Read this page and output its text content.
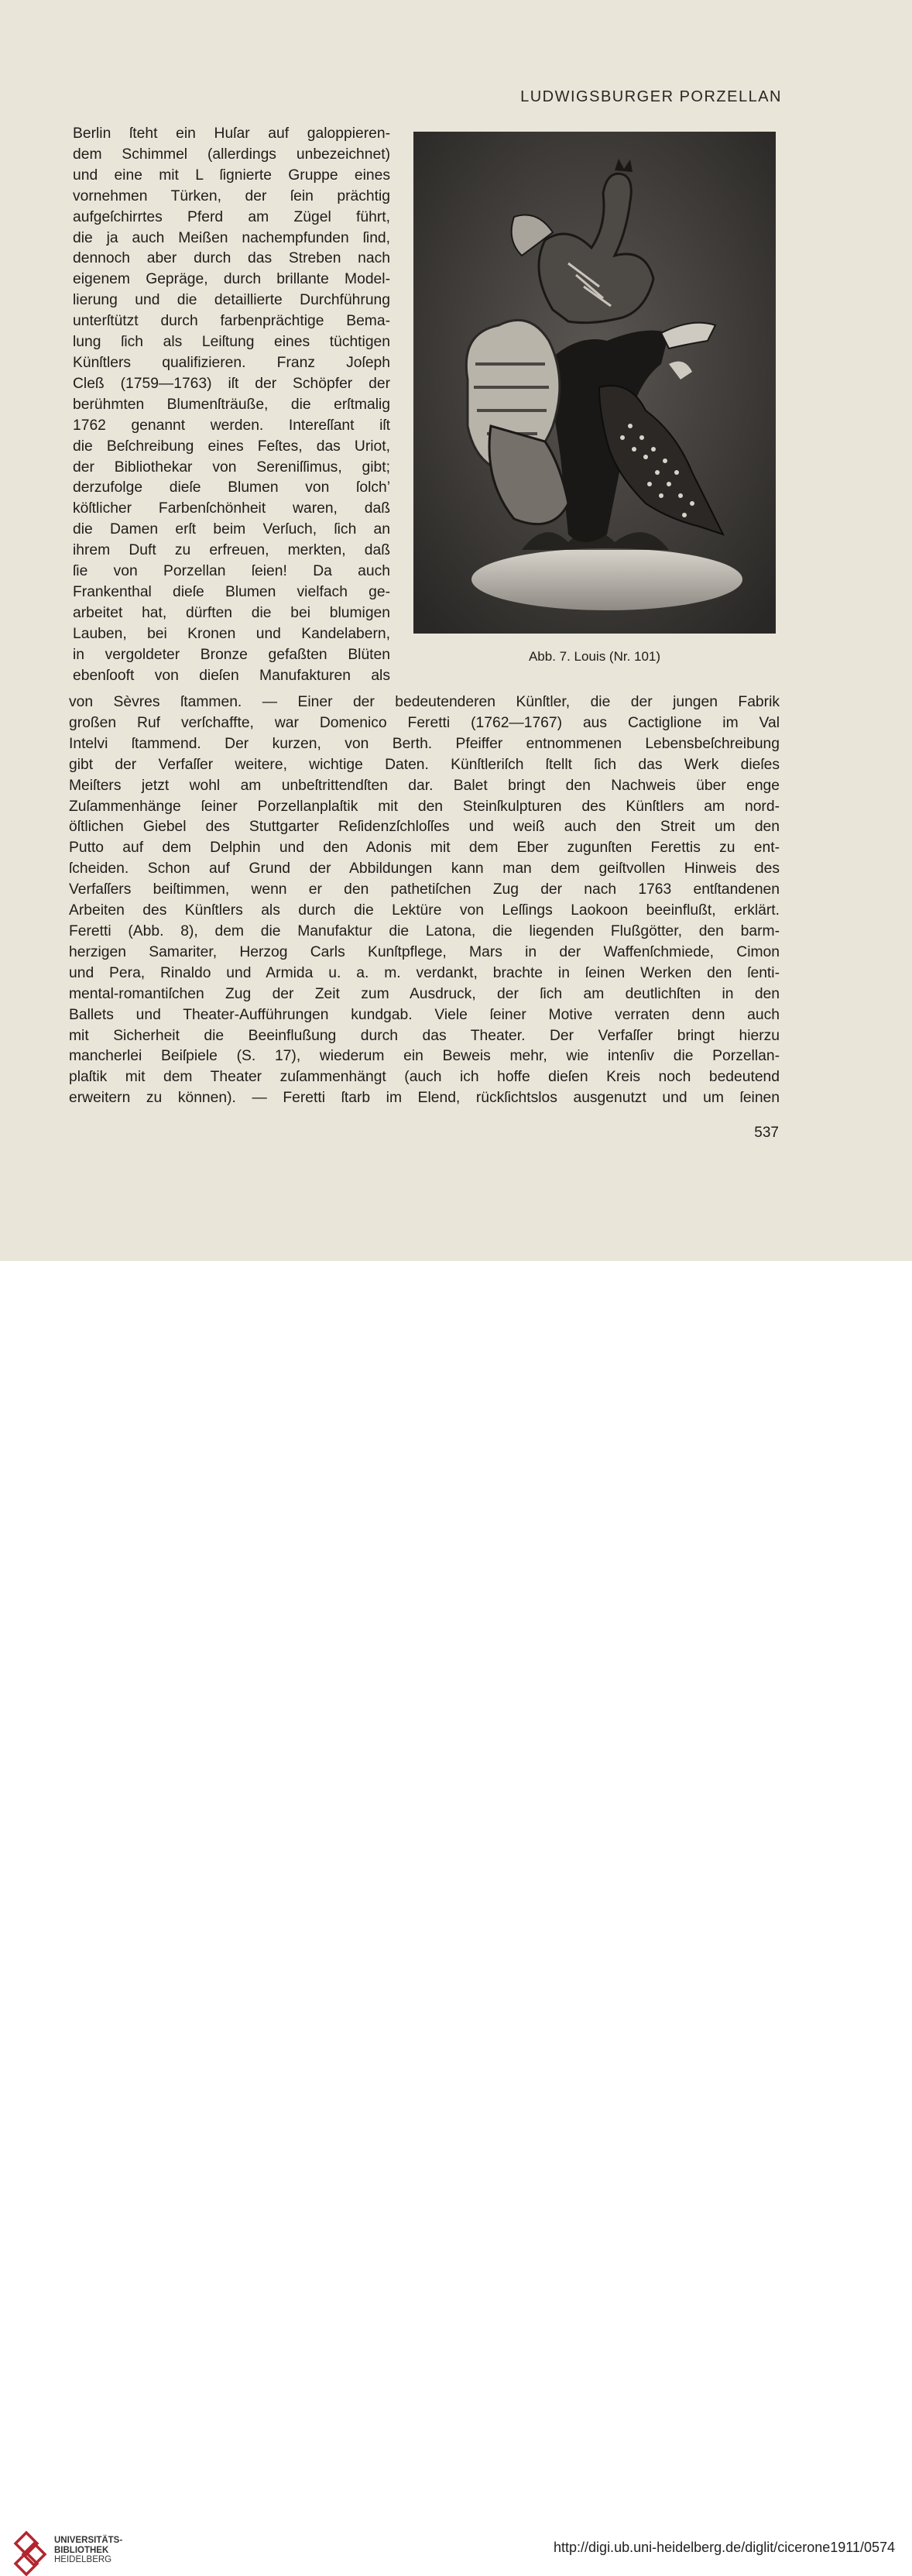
LUDWIGSBURGER PORZELLAN
Berlin ſteht ein Huſar auf galoppieren-
dem Schimmel (allerdings unbezeichnet)
und eine mit L ſignierte Gruppe eines
vornehmen Türken, der ſein prächtig
aufgeſchirrtes Pferd am Zügel führt,
die ja auch Meißen nachempfunden ſind,
dennoch aber durch das Streben nach
eigenem Gepräge, durch brillante Model-
lierung und die detaillierte Durchführung
unterſtützt durch farbenprächtige Bema-
lung ſich als Leiſtung eines tüchtigen
Künſtlers qualifizieren. Franz Joſeph
Cleß (1759—1763) iſt der Schöpfer der
berühmten Blumenſträuße, die erſtmalig
1762 genannt werden. Intereſſant iſt
die Beſchreibung eines Feſtes, das Uriot,
der Bibliothekar von Sereniſſimus, gibt;
derzufolge dieſe Blumen von ſolch’
köſtlicher Farbenſchönheit waren, daß
die Damen erſt beim Verſuch, ſich an
ihrem Duft zu erfreuen, merkten, daß
ſie von Porzellan ſeien! Da auch
Frankenthal dieſe Blumen vielfach ge-
arbeitet hat, dürften die bei blumigen
Lauben, bei Kronen und Kandelabern,
in vergoldeter Bronze gefaßten Blüten
ebenſooft von dieſen Manufakturen als
Abb. 7. Louis (Nr. 101)
von Sèvres ſtammen. — Einer der bedeutenderen Künſtler, die der jungen Fabrik
großen Ruf verſchaffte, war Domenico Feretti (1762—1767) aus Cactiglione im Val
Intelvi ſtammend. Der kurzen, von Berth. Pfeiffer entnommenen Lebensbeſchreibung
gibt der Verfaſſer weitere, wichtige Daten. Künſtleriſch ſtellt ſich das Werk dieſes
Meiſters jetzt wohl am unbeſtrittendſten dar. Balet bringt den Nachweis über enge
Zuſammenhänge ſeiner Porzellanplaſtik mit den Steinſkulpturen des Künſtlers am nord-
öſtlichen Giebel des Stuttgarter Reſidenzſchloſſes und weiß auch den Streit um den
Putto auf dem Delphin und den Adonis mit dem Eber zugunſten Ferettis zu ent-
ſcheiden. Schon auf Grund der Abbildungen kann man dem geiſtvollen Hinweis des
Verfaſſers beiſtimmen, wenn er den pathetiſchen Zug der nach 1763 entſtandenen
Arbeiten des Künſtlers als durch die Lektüre von Leſſings Laokoon beeinflußt, erklärt.
Feretti (Abb. 8), dem die Manufaktur die Latona, die liegenden Flußgötter, den barm-
herzigen Samariter, Herzog Carls Kunſtpflege, Mars in der Waffenſchmiede, Cimon
und Pera, Rinaldo und Armida u. a. m. verdankt, brachte in ſeinen Werken den ſenti-
mental-romantiſchen Zug der Zeit zum Ausdruck, der ſich am deutlichſten in den
Ballets und Theater-Aufführungen kundgab. Viele ſeiner Motive verraten denn auch
mit Sicherheit die Beeinflußung durch das Theater. Der Verfaſſer bringt hierzu
mancherlei Beiſpiele (S. 17), wiederum ein Beweis mehr, wie intenſiv die Porzellan-
plaſtik mit dem Theater zuſammenhängt (auch ich hoffe dieſen Kreis noch bedeutend
erweitern zu können). — Feretti ſtarb im Elend, rückſichtslos ausgenutzt und um ſeinen
537
UNIVERSITÄTS-
BIBLIOTHEK
HEIDELBERG
http://digi.ub.uni-heidelberg.de/diglit/cicerone1911/0574
